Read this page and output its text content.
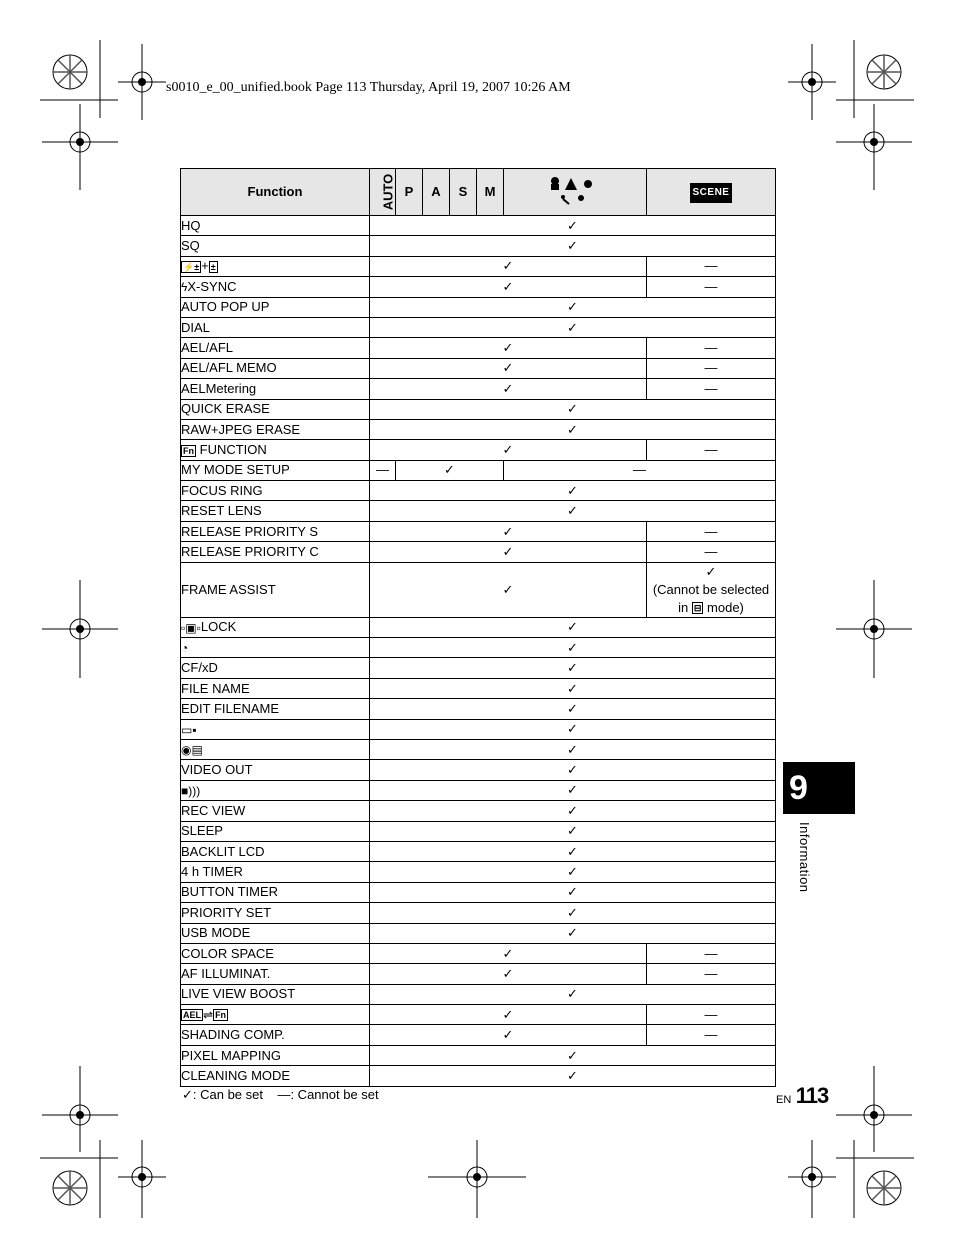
s0010_e_00_unified.book Page 113 Thursday, April 19, 2007 10:26 AM
Function	AUTO	P	A	S	M		SCENE
HQ	✓						
SQ	✓						
⚡± + ±	✓						—
ϟX-SYNC	✓						—
AUTO POP UP	✓						
DIAL	✓						
AEL/AFL	✓						—
AEL/AFL MEMO	✓						—
AELMetering	✓						—
QUICK ERASE	✓						
RAW+JPEG ERASE	✓						
Fn FUNCTION	✓						—
MY MODE SETUP	—	✓				—	
FOCUS RING	✓						
RESET LENS	✓						
RELEASE PRIORITY S	✓						—
RELEASE PRIORITY C	✓						—
FRAME ASSIST	✓						✓
(Cannot be selected
in ⊟ mode)

▫▣▫LOCK	✓						
◔	✓						
CF/xD	✓						
FILE NAME	✓						
EDIT FILENAME	✓						
▭▪	✓						
◉▤	✓						
VIDEO OUT	✓						
■)))	✓						
REC VIEW	✓						
SLEEP	✓						
BACKLIT LCD	✓						
4 h TIMER	✓						
BUTTON TIMER	✓						
PRIORITY SET	✓						
USB MODE	✓						
COLOR SPACE	✓						—
AF ILLUMINAT.	✓						—
LIVE VIEW BOOST	✓						
AEL ⇌ Fn	✓						—
SHADING COMP.	✓						—
PIXEL MAPPING	✓						
CLEANING MODE	✓						
✓: Can be set —: Cannot be set
9
Information
EN 113
